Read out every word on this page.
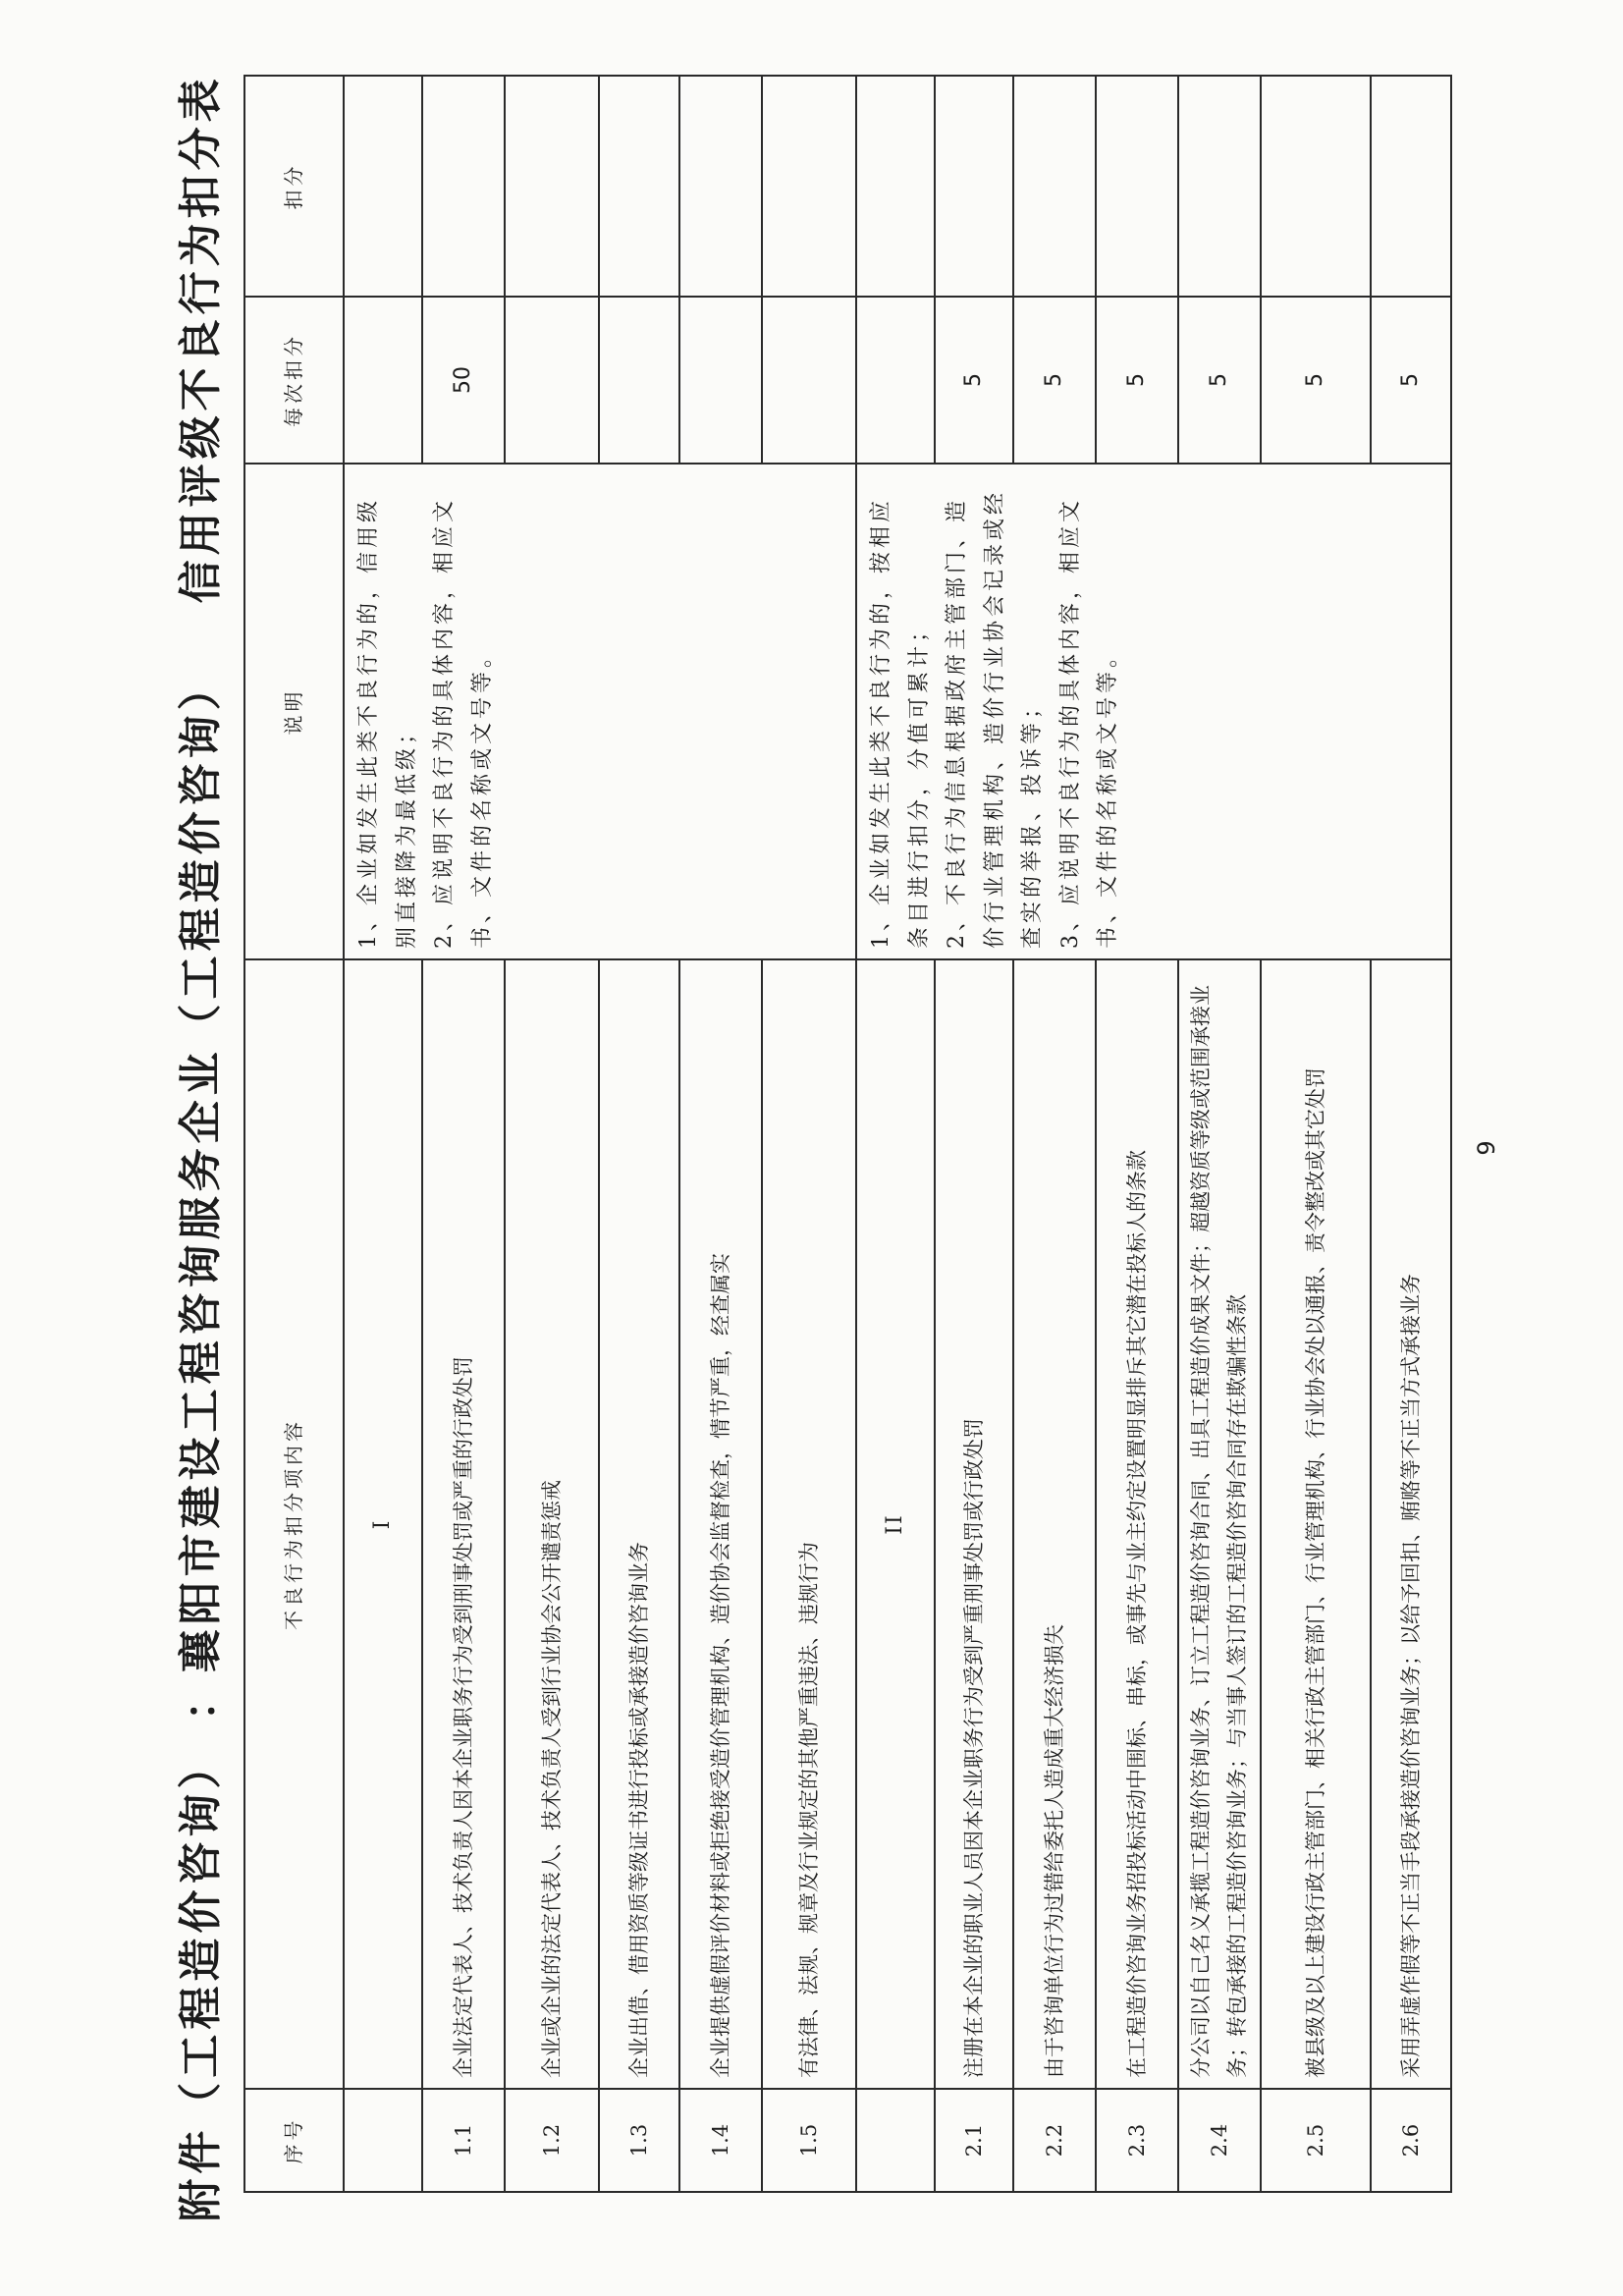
附件（工程造价咨询） ：襄阳市建设工程咨询服务企业（工程造价咨询）信用评级不良行为扣分表
序号	不良行为扣分项内容	说明	每次扣分	扣分
	I	1、企业如发生此类不良行为的，信用级别直接降为最低级；
2、应说明不良行为的具体内容，相应文书、文件的名称或文号等。		
1.1	企业法定代表人、技术负责人因本企业职务行为受到刑事处罚或严重的行政处罚		50	
1.2	企业或企业的法定代表人、技术负责人受到行业协会公开谴责惩戒			
1.3	企业出借、借用资质等级证书进行投标或承接造价咨询业务			
1.4	企业提供虚假评价材料或拒绝接受造价管理机构、造价协会监督检查，情节严重，经查属实			
1.5	有法律、法规、规章及行业规定的其他严重违法、违规行为			
	II	1、企业如发生此类不良行为的，按相应条目进行扣分，分值可累计；
2、不良行为信息根据政府主管部门、造价行业管理机构、造价行业协会记录或经查实的举报、投诉等；
3、应说明不良行为的具体内容，相应文书、文件的名称或文号等。		
2.1	注册在本企业的职业人员因本企业职务行为受到严重刑事处罚或行政处罚		5	
2.2	由于咨询单位行为过错给委托人造成重大经济损失		5	
2.3	在工程造价咨询业务招投标活动中围标、串标，或事先与业主约定设置明显排斥其它潜在投标人的条款		5	
2.4	分公司以自己名义承揽工程造价咨询业务、订立工程造价咨询合同、出具工程造价成果文件；超越资质等级或范围承接业务；转包承接的工程造价咨询业务；与当事人签订的工程造价咨询合同存在欺骗性条款		5	
2.5	被县级及以上建设行政主管部门、相关行政主管部门、行业管理机构、行业协会处以通报、责令整改或其它处罚		5	
2.6	采用弄虚作假等不正当手段承接造价咨询业务；以给予回扣、贿赂等不正当方式承接业务		5	
9
